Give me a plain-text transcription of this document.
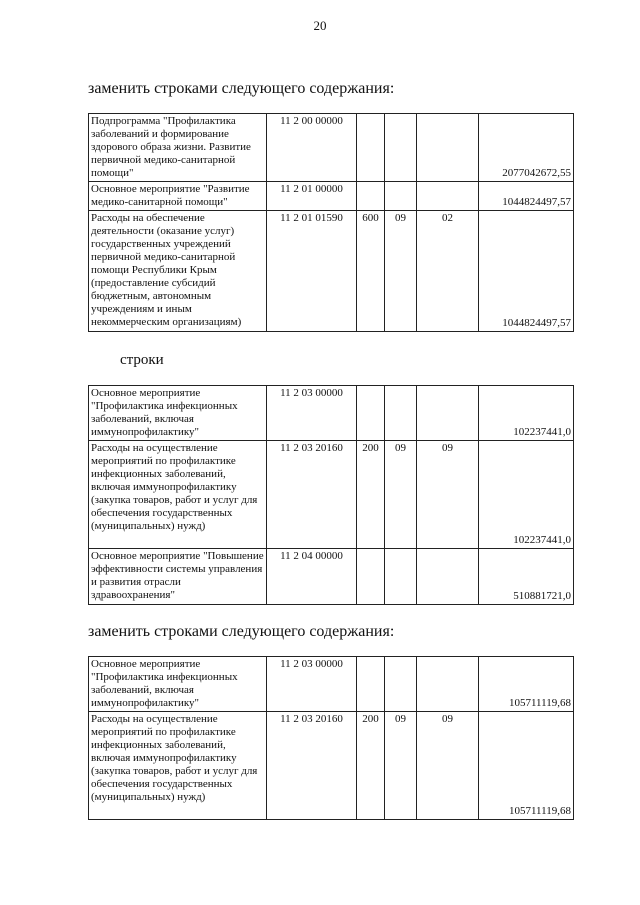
20
заменить строками следующего содержания:
Подпрограмма "Профилактика заболеваний и формирование здорового образа жизни. Развитие первичной медико-санитарной помощи"	11 2 00 00000				2077042672,55
Основное мероприятие "Развитие медико-санитарной помощи"	11 2 01 00000				1044824497,57
Расходы на обеспечение деятельности (оказание услуг) государственных учреждений первичной медико-санитарной помощи Республики Крым (предоставление субсидий бюджетным, автономным учреждениям и иным некоммерческим организациям)	11 2 01 01590	600	09	02	1044824497,57
строки
Основное мероприятие "Профилактика инфекционных заболеваний, включая иммунопрофилактику"	11 2 03 00000				102237441,0
Расходы на осуществление мероприятий по профилактике инфекционных заболеваний, включая иммунопрофилактику (закупка товаров, работ и услуг для обеспечения государственных (муниципальных) нужд)	11 2 03 20160	200	09	09	102237441,0
Основное мероприятие "Повышение эффективности системы управления и развития отрасли здравоохранения"	11 2 04 00000				510881721,0
заменить строками следующего содержания:
Основное мероприятие "Профилактика инфекционных заболеваний, включая иммунопрофилактику"	11 2 03 00000				105711119,68
Расходы на осуществление мероприятий по профилактике инфекционных заболеваний, включая иммунопрофилактику (закупка товаров, работ и услуг для обеспечения государственных (муниципальных) нужд)	11 2 03 20160	200	09	09	105711119,68
